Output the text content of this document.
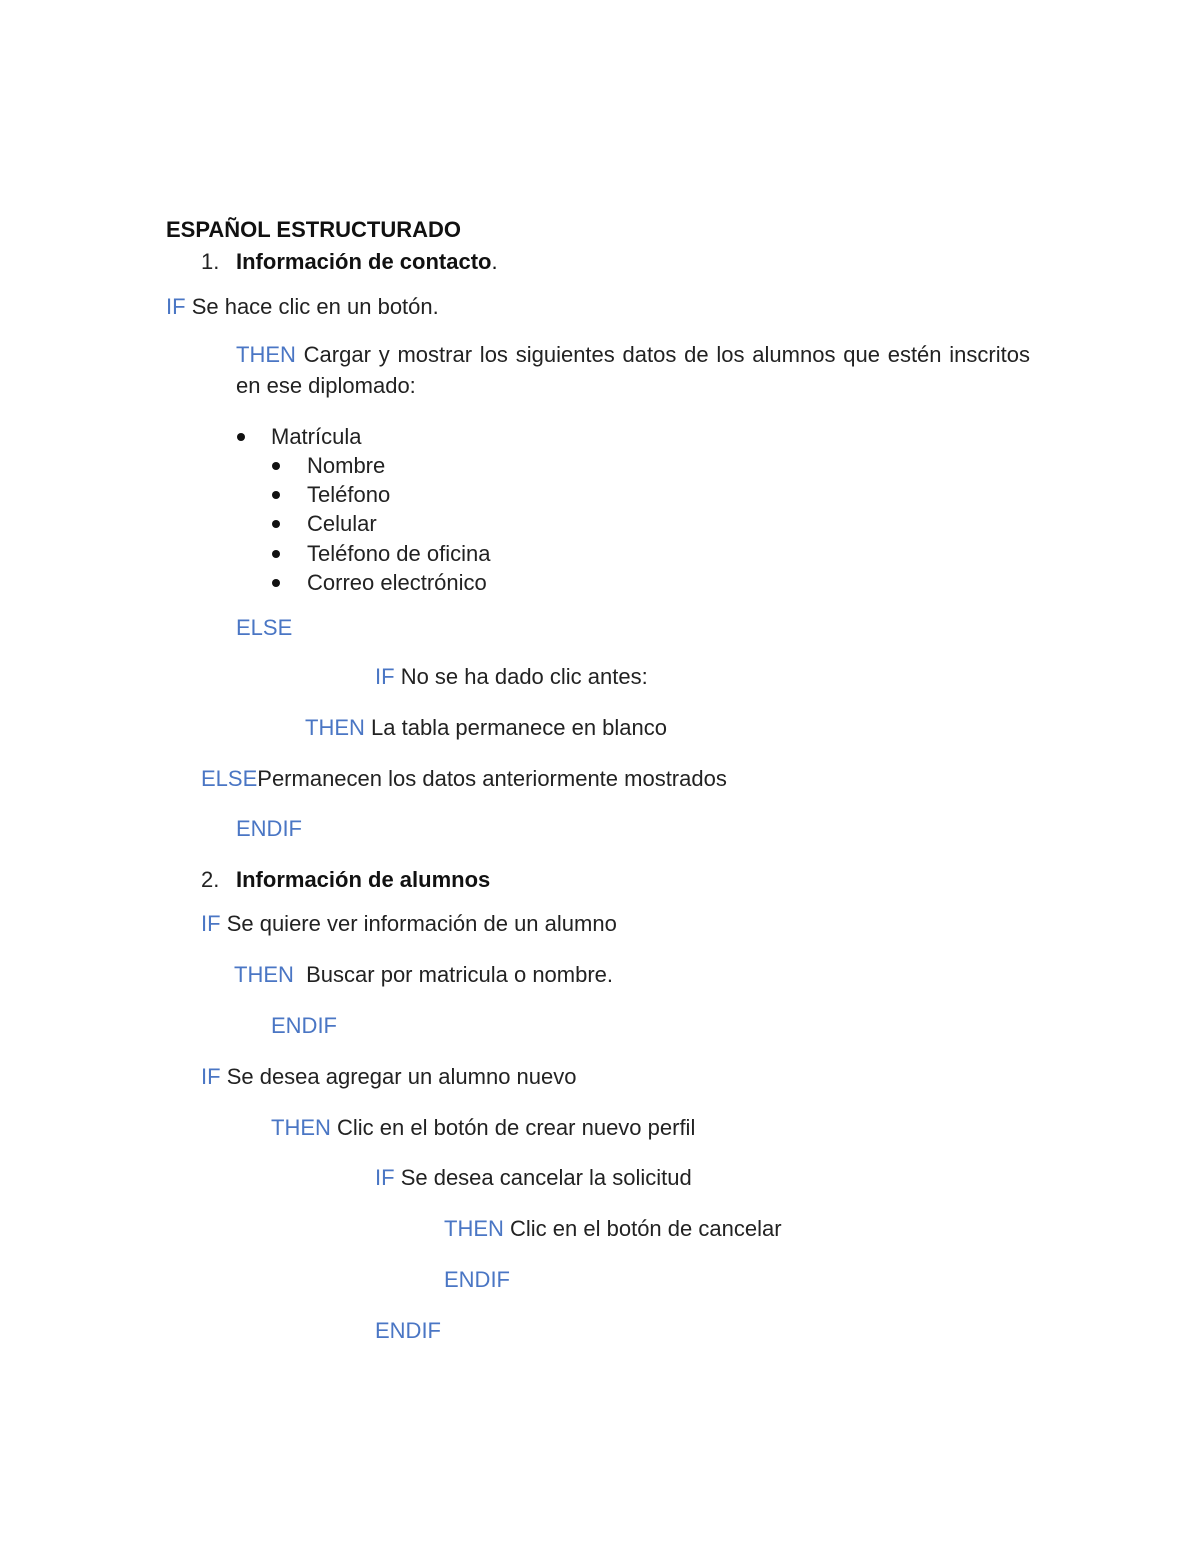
ESPAÑOL ESTRUCTURADO
1. Información de contacto.
IF Se hace clic en un botón.
THEN Cargar y mostrar los siguientes datos de los alumnos que estén inscritos en ese diplomado:
Matrícula
Nombre
Teléfono
Celular
Teléfono de oficina
Correo electrónico
ELSE
IF No se ha dado clic antes:
THEN La tabla permanece en blanco
ELSEPermanecen los datos anteriormente mostrados
ENDIF
2. Información de alumnos
IF Se quiere ver información de un alumno
THEN Buscar por matricula o nombre.
ENDIF
IF Se desea agregar un alumno nuevo
THEN Clic en el botón de crear nuevo perfil
IF Se desea cancelar la solicitud
THEN Clic en el botón de cancelar
ENDIF
ENDIF
